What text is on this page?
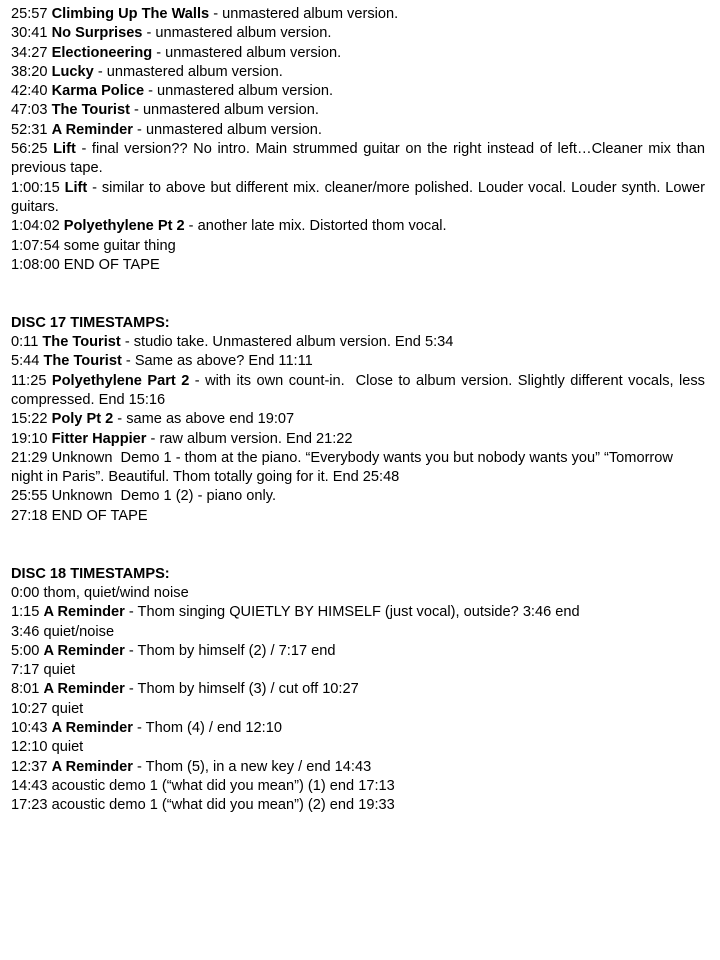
25:57 Climbing Up The Walls - unmastered album version.
30:41 No Surprises - unmastered album version.
34:27 Electioneering - unmastered album version.
38:20 Lucky - unmastered album version.
42:40 Karma Police - unmastered album version.
47:03 The Tourist - unmastered album version.
52:31 A Reminder - unmastered album version.
56:25 Lift - final version?? No intro. Main strummed guitar on the right instead of left…Cleaner mix than previous tape.
1:00:15 Lift - similar to above but different mix. cleaner/more polished. Louder vocal. Louder synth. Lower guitars.
1:04:02 Polyethylene Pt 2 - another late mix. Distorted thom vocal.
1:07:54 some guitar thing
1:08:00 END OF TAPE
DISC 17 TIMESTAMPS:
0:11 The Tourist - studio take. Unmastered album version. End 5:34
5:44 The Tourist - Same as above? End 11:11
11:25 Polyethylene Part 2 - with its own count-in.  Close to album version. Slightly different vocals, less compressed. End 15:16
15:22 Poly Pt 2 - same as above end 19:07
19:10 Fitter Happier - raw album version. End 21:22
21:29 Unknown  Demo 1 - thom at the piano. “Everybody wants you but nobody wants you” “Tomorrow night in Paris”. Beautiful. Thom totally going for it. End 25:48
25:55 Unknown  Demo 1 (2) - piano only.
27:18 END OF TAPE
DISC 18 TIMESTAMPS:
0:00 thom, quiet/wind noise
1:15 A Reminder - Thom singing QUIETLY BY HIMSELF (just vocal), outside? 3:46 end
3:46 quiet/noise
5:00 A Reminder - Thom by himself (2) / 7:17 end
7:17 quiet
8:01 A Reminder - Thom by himself (3) / cut off 10:27
10:27 quiet
10:43 A Reminder - Thom (4) / end 12:10
12:10 quiet
12:37 A Reminder - Thom (5), in a new key / end 14:43
14:43 acoustic demo 1 (“what did you mean”) (1) end 17:13
17:23 acoustic demo 1 (“what did you mean”) (2) end 19:33
